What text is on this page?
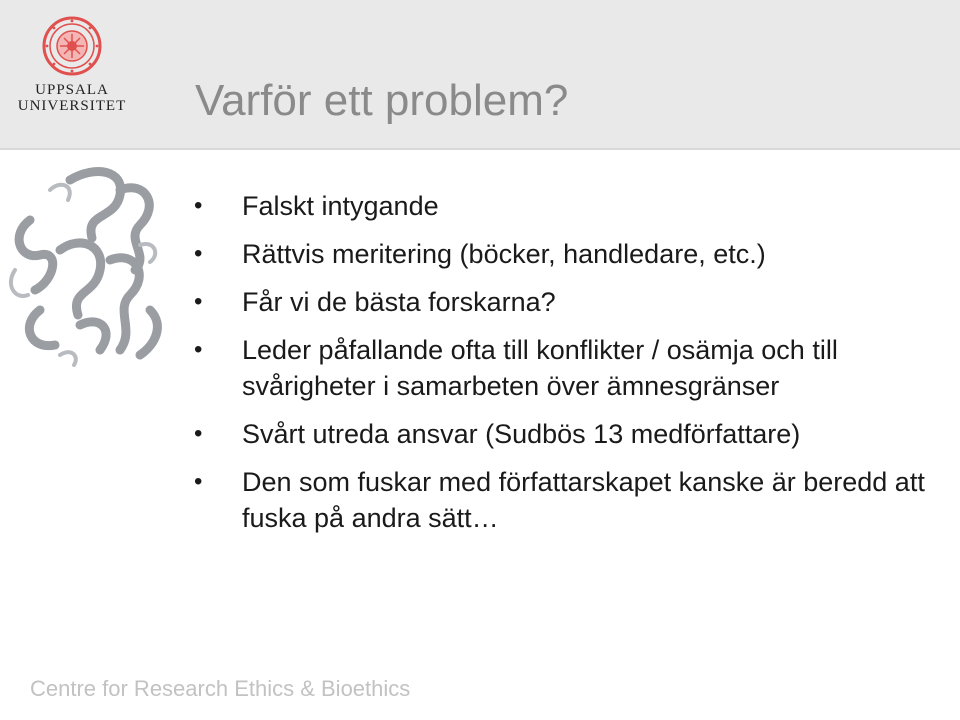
UPPSALA
UNIVERSITET Varför ett problem?
• Falskt intygande
• Rättvis meritering (böcker, handledare, etc.)
• Får vi de bästa forskarna?
• Leder påfallande ofta till konflikter / osämja och till svårigheter i samarbeten över ämnesgränser
• Svårt utreda ansvar (Sudbös 13 medförfattare)
• Den som fuskar med författarskapet kanske är beredd att fuska på andra sätt…
Centre for Research Ethics & Bioethics
